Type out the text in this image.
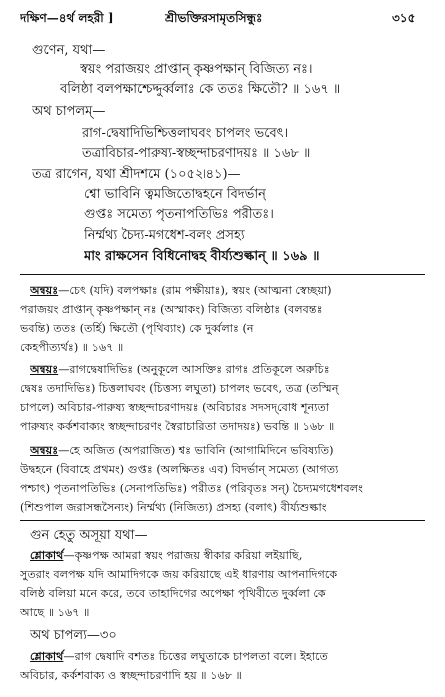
দক্ষিণ—৪র্থ লহরী ]	শ্রীভক্তিরসামৃতসিন্ধুঃ	৩১৫
গুণেন, যথা—
স্বয়ং পরাজয়ং প্রাপ্তান্ কৃষ্ণপক্ষান্ বিজিত্য নঃ।
বলিষ্ঠা বলপক্ষাশ্চেদ্দুর্ব্বলাঃ কে ততঃ ক্ষিতৌ? ॥ ১৬৭ ॥
অথ চাপলম্—
রাগ-দ্বেষাদিভিশ্চিত্তলাঘবং চাপলং ভবেৎ।
তত্রাবিচার-পারুষ্য-স্বচ্ছন্দাচরণাদয়ঃ ॥ ১৬৮ ॥
তত্র রাগেন, যথা শ্রীদশমে (১০৫২৷৪১)—
শ্বো ভাবিনি ত্বমজিতোদ্বহনে বিদর্ভান্
গুপ্তঃ সমেত্য পৃতনাপতিভিঃ পরীতঃ।
নির্ম্মথ্য চৈদ্য-মগধেশ-বলং প্রসহ্য
মাং রাক্ষসেন বিধিনোদ্বহ বীর্য্যশুল্কান্ ॥ ১৬৯ ॥
অন্বয়ঃ—চেৎ (যদি) বলপক্ষাঃ (রাম পক্ষীয়াঃ), স্বয়ং (আত্মনা স্বেচ্ছয়া)
পরাজয়ং প্রাপ্তান্ কৃষ্ণপক্ষান্ নঃ (অস্মাকং) বিজিত্য বলিষ্ঠাঃ (বলবন্তঃ
ভবন্তি) ততঃ (তর্হি) ক্ষিতৌ (পৃথিব্যাং) কে দুর্ব্বলাঃ (ন
কেহপীত্যর্থঃ) ॥ ১৬৭ ॥
অন্বয়ঃ—রাগদ্বেষাদিভিঃ (অনুকূলে আসক্তিঃ রাগঃ প্রতিকূলে অরুচিঃ
দ্বেষঃ তদাদিভিঃ) চিত্তলাঘবং (চিত্তস্য লঘুতা) চাপলং ভবেৎ, তত্র (তস্মিন্
চাপলে) অবিচার-পারুষ্য স্বচ্ছন্দাচরণাদয়ঃ (অবিচারঃ সদসদ্‌বোধ শূন্যতা
পারুষ্যং কর্কশবাক্যং স্বচ্ছন্দাচরণং স্বৈরাচারিতা তদাদয়ঃ) ভবন্তি ॥ ১৬৮ ॥
অন্বয়ঃ—হে অজিত (অপরাজিত) শ্বঃ ভাবিনি (আগামিদিনে ভবিষ্যতি)
উদ্বহনে (বিবাহে প্রথমং) গুপ্তঃ (অলক্ষিতঃ এব) বিদর্ভান্ সমেত্য (আগত্য
পশ্চাৎ) পৃতনাপতিভিঃ (সেনাপতিভিঃ) পরীতঃ (পরিবৃতঃ সন্) চৈদ্যমগধেশবলং
(শিশুপাল জরাসন্ধসৈন্যং) নির্ম্মথ্য (নিজিত্য) প্রসহ্য (বলাৎ) বীর্য্যশুল্কাং
গুন হেতু অসূয়া যথা—
শ্লোকার্থ—কৃষ্ণপক্ষ আমরা স্বয়ং পরাজয় স্বীকার করিয়া লইয়াছি,
সুতরাং বলপক্ষ যদি আমাদিগকে জয় করিয়াছে এই ধারণায় আপনাদিগকে
বলিষ্ঠ বলিয়া মনে করে, তবে তাহাদিগের অপেক্ষা পৃথিবীতে দুর্ব্বলা কে
আছে ॥ ১৬৭ ॥
অথ চাপল্য—৩০
শ্লোকার্থ—রাগ দ্বেষাদি বশতঃ চিত্তের লঘুতাকে চাপলতা বলে। ইহাতে
অবিচার, কর্কশবাক্য ও স্বচ্ছন্দাচরণাদি হয় ॥ ১৬৮ ॥
